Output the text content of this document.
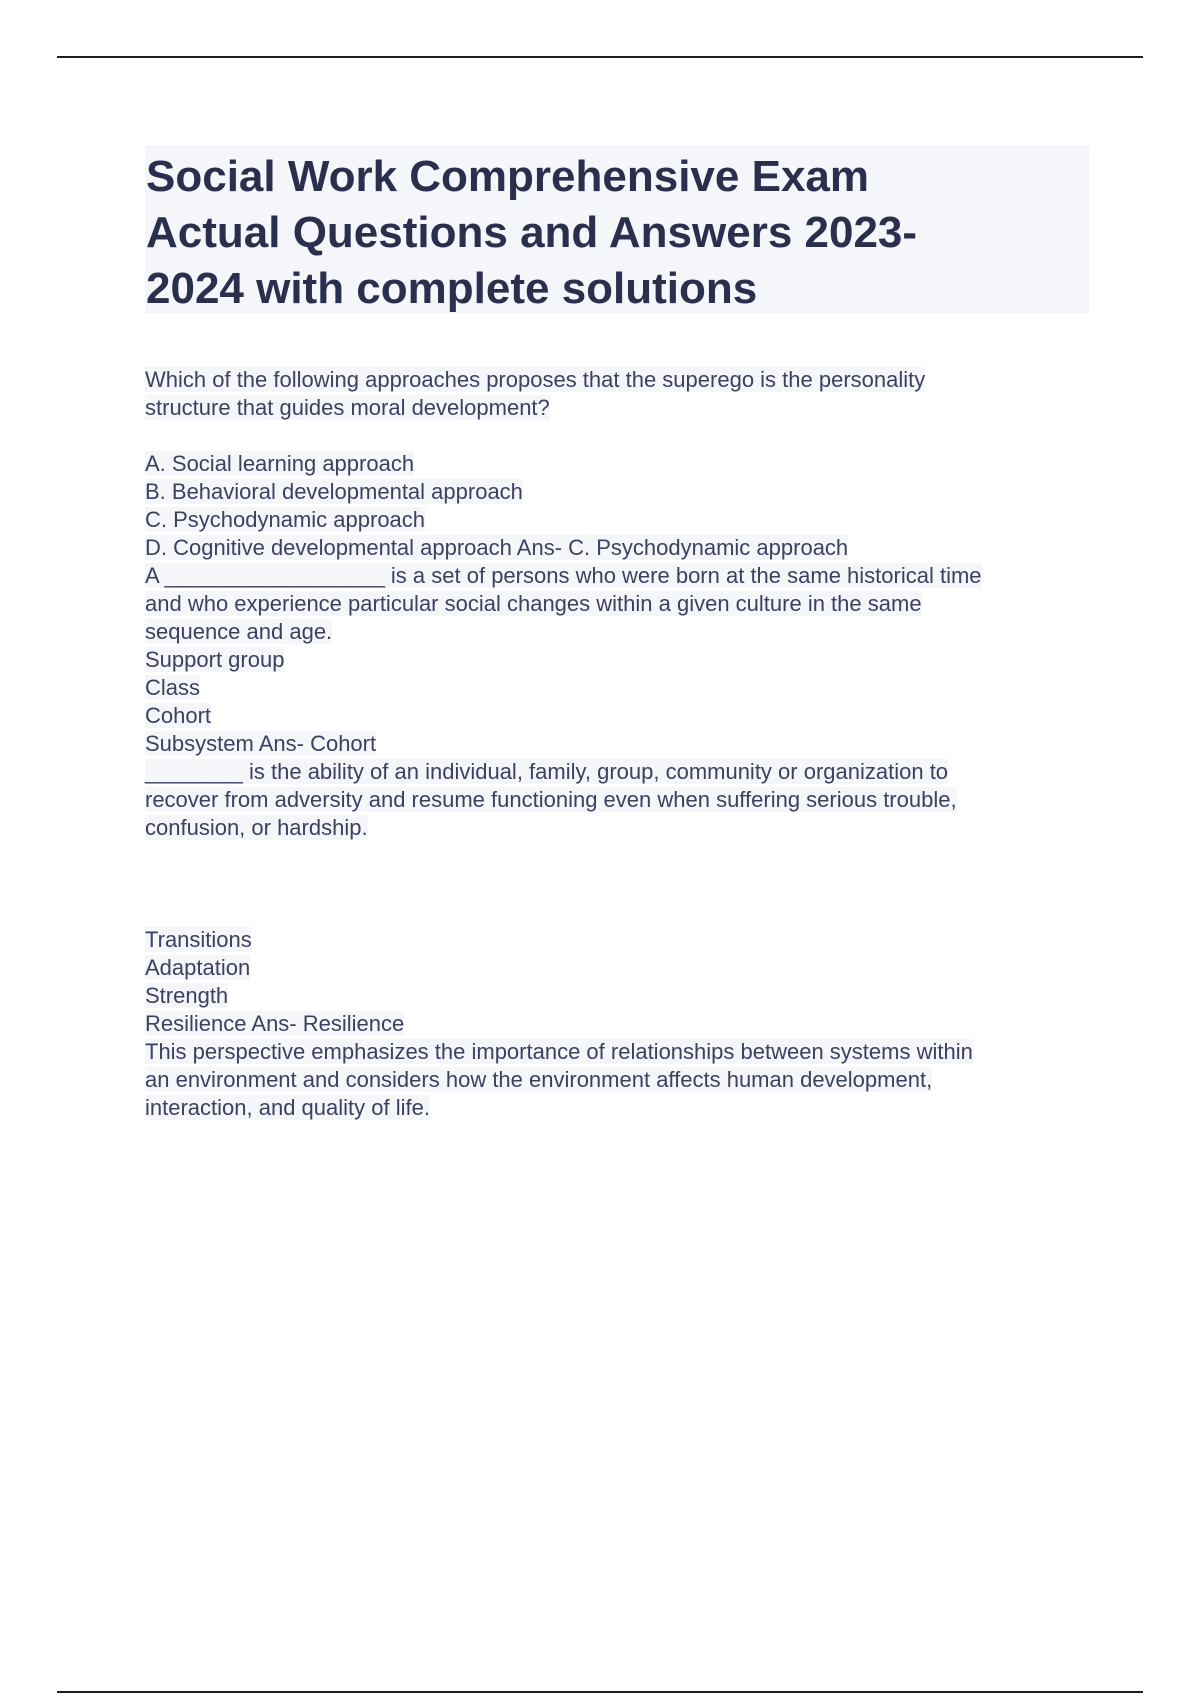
Social Work Comprehensive Exam
Actual Questions and Answers 2023-
2024 with complete solutions

Which of the following approaches proposes that the superego is the personality
structure that guides moral development?

A. Social learning approach

B. Behavioral developmental approach

C. Psychodynamic approach

D. Cognitive developmental approach Ans- C. Psychodynamic approach

A __________________ is a set of persons who were born at the same historical time
and who experience particular social changes within a given culture in the same
sequence and age.

Support group

Class

Cohort

Subsystem Ans- Cohort

________ is the ability of an individual, family, group, community or organization to
recover from adversity and resume functioning even when suffering serious trouble,
confusion, or hardship.

Transitions

Adaptation

Strength

Resilience Ans- Resilience

This perspective emphasizes the importance of relationships between systems within
an environment and considers how the environment affects human development,
interaction, and quality of life.
